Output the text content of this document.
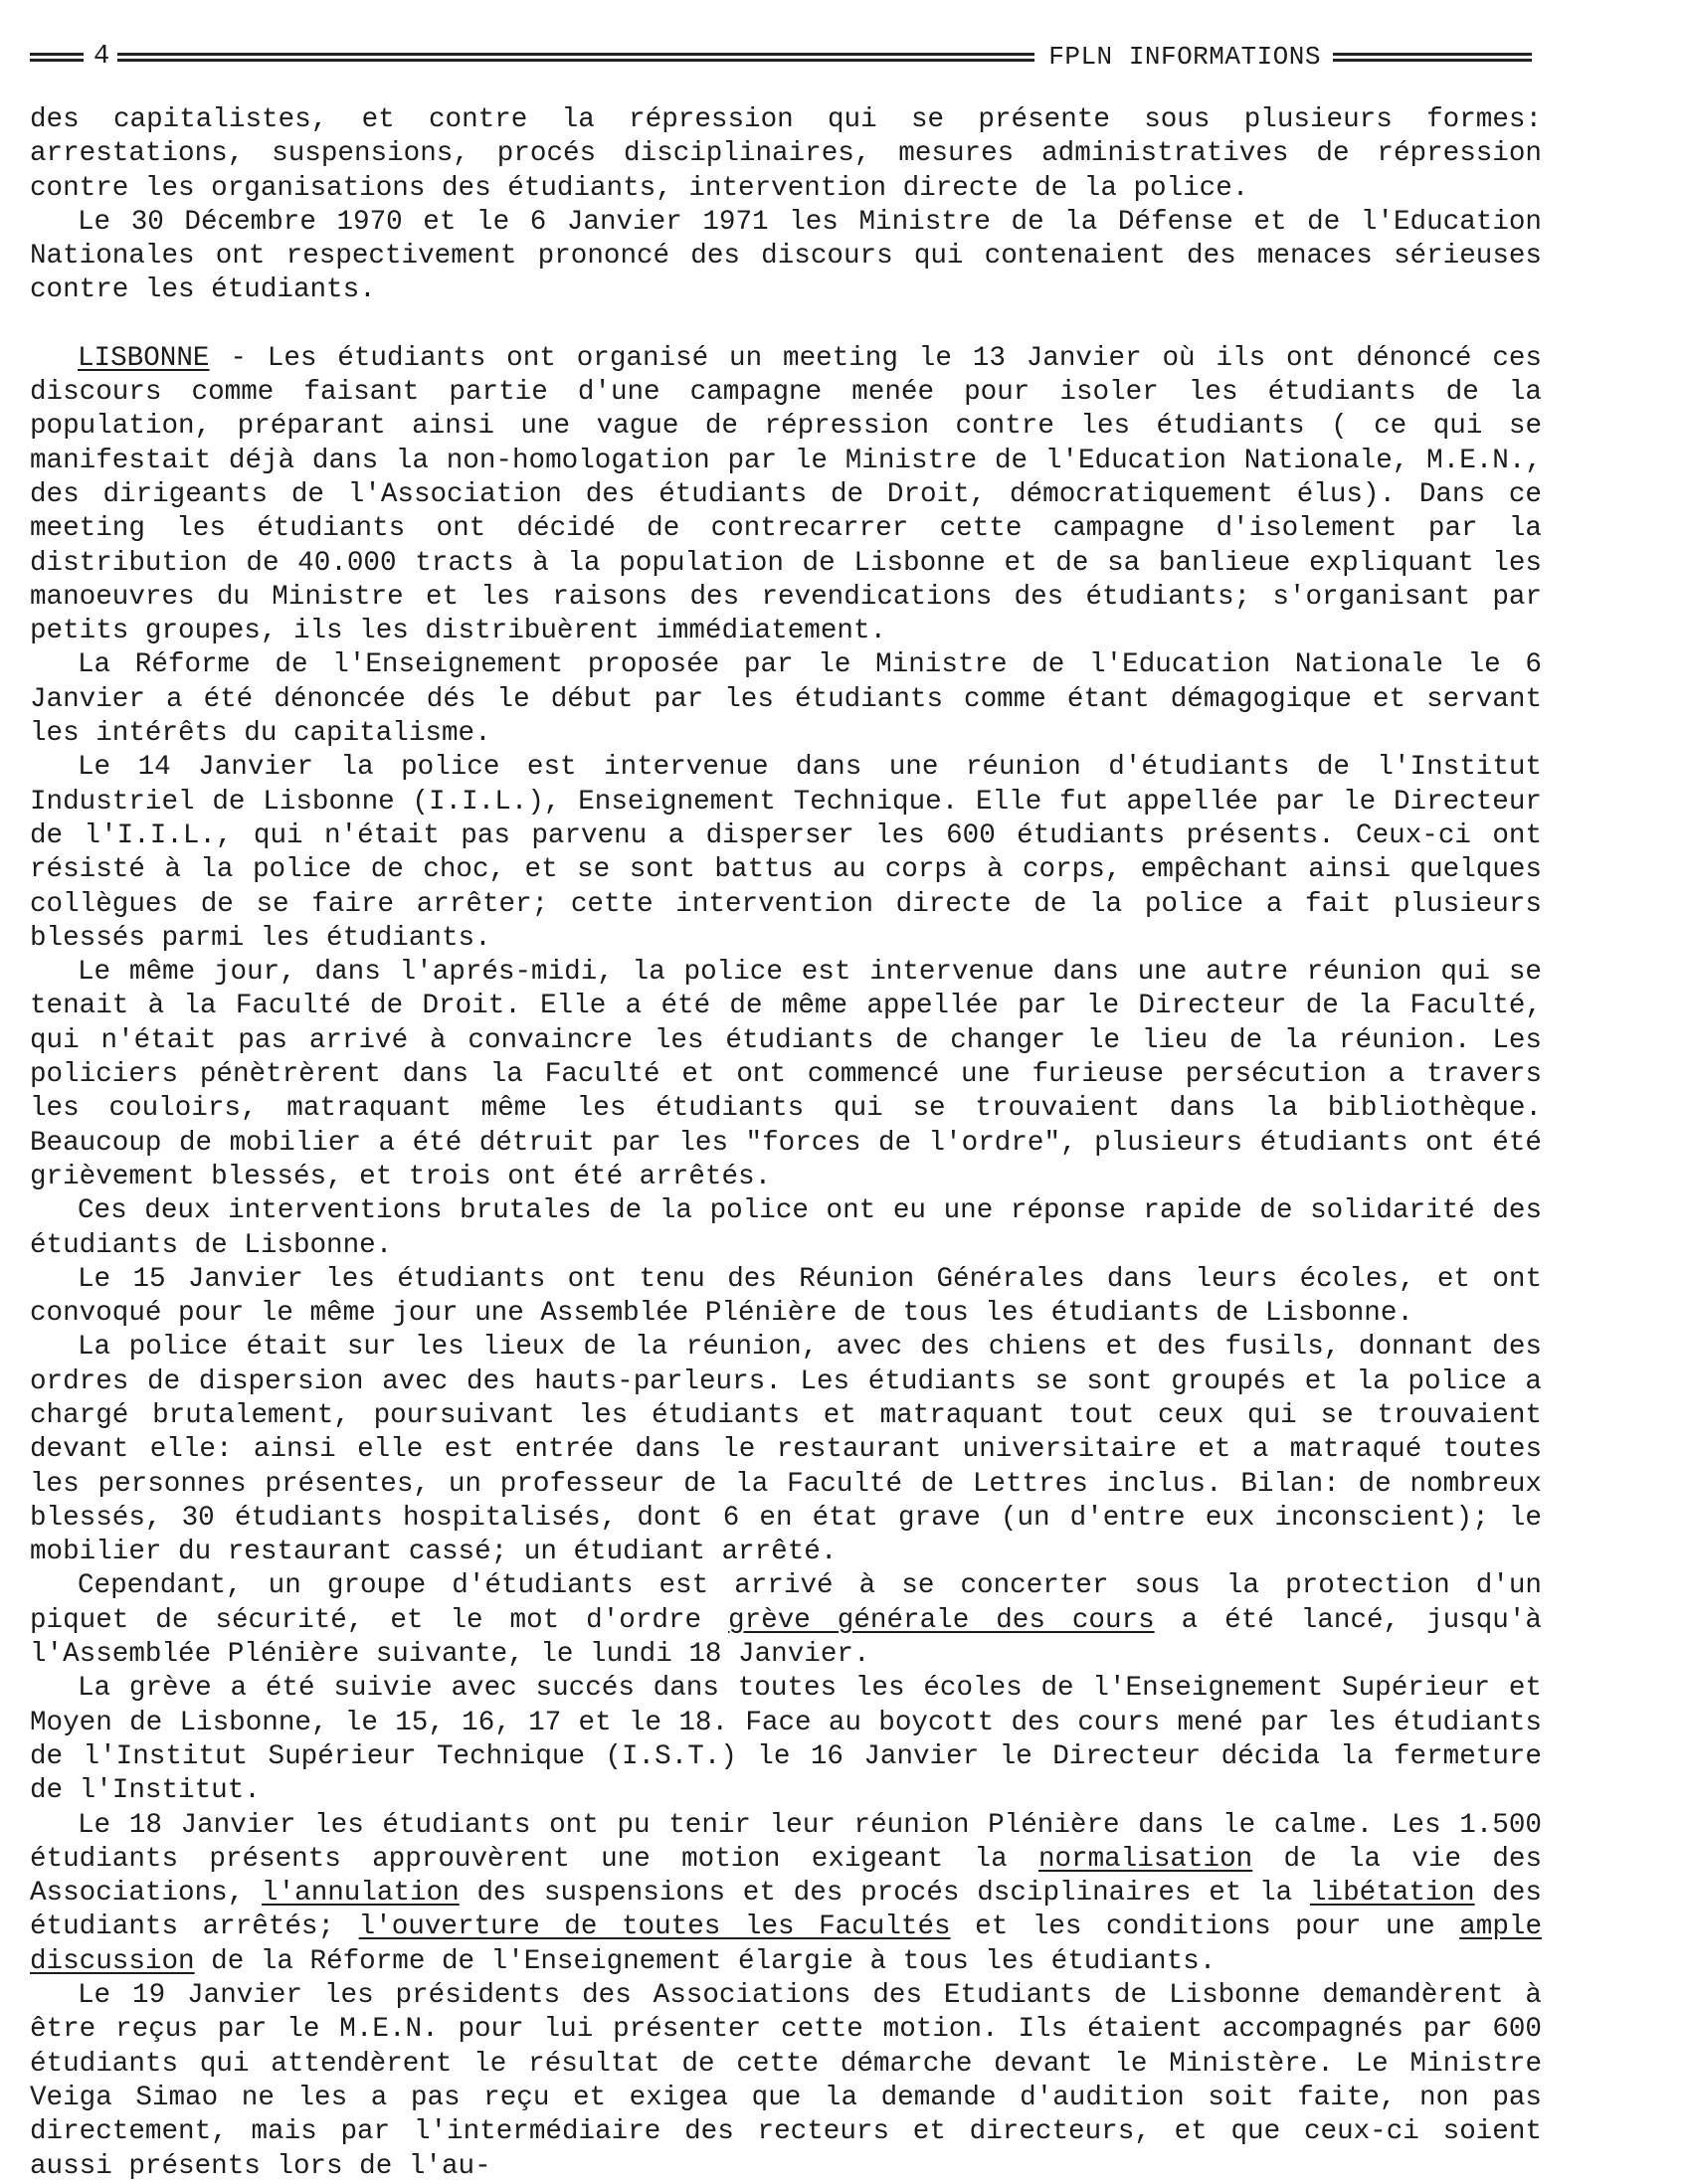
4	FPLN INFORMATIONS

des capitalistes, et contre la répression qui se présente sous plusieurs formes: arrestations, suspensions, procés disciplinaires, mesures administratives de répression contre les organisations des étudiants, intervention directe de la police.

Le 30 Décembre 1970 et le 6 Janvier 1971 les Ministre de la Défense et de l'Education Nationales ont respectivement prononcé des discours qui contenaient des menaces sérieuses contre les étudiants.

LISBONNE - Les étudiants ont organisé un meeting le 13 Janvier où ils ont dénoncé ces discours comme faisant partie d'une campagne menée pour isoler les étudiants de la population, préparant ainsi une vague de répression contre les étudiants ( ce qui se manifestait déjà dans la non-homologation par le Ministre de l'Education Nationale, M.E.N., des dirigeants de l'Association des étudiants de Droit, démocratiquement élus). Dans ce meeting les étudiants ont décidé de contrecarrer cette campagne d'isolement par la distribution de 40.000 tracts à la population de Lisbonne et de sa banlieue expliquant les manoeuvres du Ministre et les raisons des revendications des étudiants; s'organisant par petits groupes, ils les distribuèrent immédiatement.

La Réforme de l'Enseignement proposée par le Ministre de l'Education Nationale le 6 Janvier a été dénoncée dés le début par les étudiants comme étant démagogique et servant les intérêts du capitalisme.

Le 14 Janvier la police est intervenue dans une réunion d'étudiants de l'Institut Industriel de Lisbonne (I.I.L.), Enseignement Technique. Elle fut appellée par le Directeur de l'I.I.L., qui n'était pas parvenu a disperser les 600 étudiants présents. Ceux-ci ont résisté à la police de choc, et se sont battus au corps à corps, empêchant ainsi quelques collègues de se faire arrêter; cette intervention directe de la police a fait plusieurs blessés parmi les étudiants.

Le même jour, dans l'aprés-midi, la police est intervenue dans une autre réunion qui se tenait à la Faculté de Droit. Elle a été de même appellée par le Directeur de la Faculté, qui n'était pas arrivé à convaincre les étudiants de changer le lieu de la réunion. Les policiers pénètrèrent dans la Faculté et ont commencé une furieuse persécution a travers les couloirs, matraquant même les étudiants qui se trouvaient dans la bibliothèque. Beaucoup de mobilier a été détruit par les "forces de l'ordre", plusieurs étudiants ont été grièvement blessés, et trois ont été arrêtés.

Ces deux interventions brutales de la police ont eu une réponse rapide de solidarité des étudiants de Lisbonne.

Le 15 Janvier les étudiants ont tenu des Réunion Générales dans leurs écoles, et ont convoqué pour le même jour une Assemblée Plénière de tous les étudiants de Lisbonne.

La police était sur les lieux de la réunion, avec des chiens et des fusils, donnant des ordres de dispersion avec des hauts-parleurs. Les étudiants se sont groupés et la police a chargé brutalement, poursuivant les étudiants et matraquant tout ceux qui se trouvaient devant elle: ainsi elle est entrée dans le restaurant universitaire et a matraqué toutes les personnes présentes, un professeur de la Faculté de Lettres inclus. Bilan: de nombreux blessés, 30 étudiants hospitalisés, dont 6 en état grave (un d'entre eux inconscient); le mobilier du restaurant cassé; un étudiant arrêté.

Cependant, un groupe d'étudiants est arrivé à se concerter sous la protection d'un piquet de sécurité, et le mot d'ordre grève générale des cours a été lancé, jusqu'à l'Assemblée Plénière suivante, le lundi 18 Janvier.

La grève a été suivie avec succés dans toutes les écoles de l'Enseignement Supérieur et Moyen de Lisbonne, le 15, 16, 17 et le 18. Face au boycott des cours mené par les étudiants de l'Institut Supérieur Technique (I.S.T.) le 16 Janvier le Directeur décida la fermeture de l'Institut.

Le 18 Janvier les étudiants ont pu tenir leur réunion Plénière dans le calme. Les 1.500 étudiants présents approuvèrent une motion exigeant la normalisation de la vie des Associations, l'annulation des suspensions et des procés dsciplinaires et la libétation des étudiants arrêtés; l'ouverture de toutes les Facultés et les conditions pour une ample discussion de la Réforme de l'Enseignement élargie à tous les étudiants.

Le 19 Janvier les présidents des Associations des Etudiants de Lisbonne demandèrent à être reçus par le M.E.N. pour lui présenter cette motion. Ils étaient accompagnés par 600 étudiants qui attendèrent le résultat de cette démarche devant le Ministère. Le Ministre Veiga Simao ne les a pas reçu et exigea que la demande d'audition soit faite, non pas directement, mais par l'intermédiaire des recteurs et directeurs, et que ceux-ci soient aussi présents lors de l'au-
